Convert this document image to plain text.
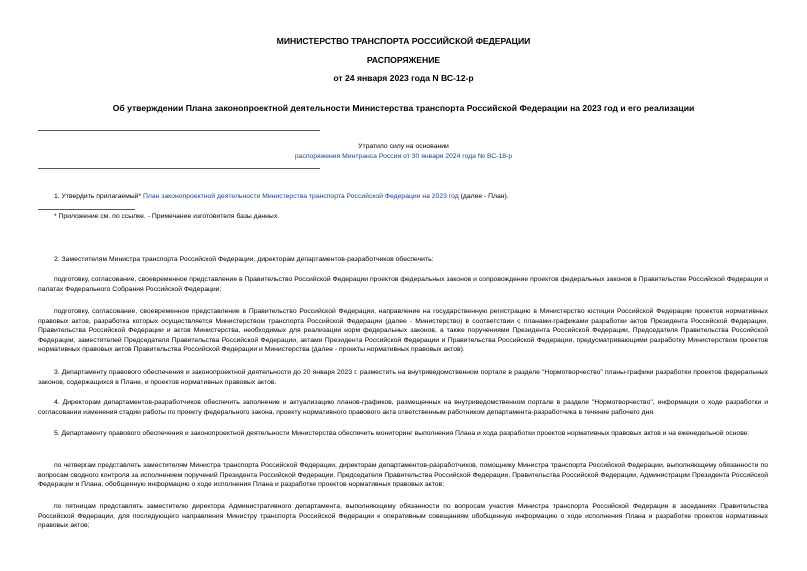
МИНИСТЕРСТВО ТРАНСПОРТА РОССИЙСКОЙ ФЕДЕРАЦИИ
РАСПОРЯЖЕНИЕ
от 24 января 2023 года N ВС-12-р
Об утверждении Плана законопроектной деятельности Министерства транспорта Российской Федерации на 2023 год и его реализации
Утратило силу на основании
распоряжения Минтранса России от 30 января 2024 года № ВС-18-р
1. Утвердить прилагаемый* План законопроектной деятельности Министерства транспорта Российской Федерации на 2023 год (далее - План).
* Приложение см. по ссылке. - Примечание изготовителя базы данных.
2. Заместителям Министра транспорта Российской Федерации, директорам департаментов-разработчиков обеспечить:
подготовку, согласование, своевременное представление в Правительство Российской Федерации проектов федеральных законов и сопровождение проектов федеральных законов в Правительстве Российской Федерации и палатах Федерального Собрания Российской Федерации;
подготовку, согласование, своевременное представление в Правительство Российской Федерации, направление на государственную регистрацию в Министерство юстиции Российской Федерации проектов нормативных правовых актов, разработка которых осуществляется Министерством транспорта Российской Федерации (далее - Министерство) в соответствии с планами-графиками разработки актов Президента Российской Федерации, Правительства Российской Федерации и актов Министерства, необходимых для реализации норм федеральных законов, а также поручениями Президента Российской Федерации, Председателя Правительства Российской Федерации, заместителей Председателя Правительства Российской Федерации, актами Президента Российской Федерации и Правительства Российской Федерации, предусматривающими разработку Министерством проектов нормативных правовых актов Правительства Российской Федерации и Министерства (далее - проекты нормативных правовых актов).
3. Департаменту правового обеспечения и законопроектной деятельности до 20 января 2023 г. разместить на внутриведомственном портале в разделе "Нормотворчество" планы-графики разработки проектов федеральных законов, содержащихся в Плане, и проектов нормативных правовых актов.
4. Директорам департаментов-разработчиков обеспечить заполнение и актуализацию планов-графиков, размещенных на внутриведомственном портале в разделе "Нормотворчество", информации о ходе разработки и согласовании изменения стадии работы по проекту федерального закона, проекту нормативного правового акта ответственным работником департамента-разработчика в течение рабочего дня.
5. Департаменту правового обеспечения и законопроектной деятельности Министерства обеспечить мониторинг выполнения Плана и хода разработки проектов нормативных правовых актов и на еженедельной основе:
по четвергам представлять заместителям Министра транспорта Российской Федерации, директорам департаментов-разработчиков, помощнику Министра транспорта Российской Федерации, выполняющему обязанности по вопросам сводного контроля за исполнением поручений Президента Российской Федерации, Председателя Правительства Российской Федерации, Правительства Российской Федерации, Администрации Президента Российской Федерации и Плана, обобщенную информацию о ходе исполнения Плана и разработке проектов нормативных правовых актов;
по пятницам представлять заместителю директора Административного департамента, выполняющему обязанности по вопросам участия Министра транспорта Российской Федерации в заседаниях Правительства Российской Федерации, для последующего направления Министру транспорта Российской Федерации к оперативным совещаниям обобщенную информацию о ходе исполнения Плана и разработке проектов нормативных правовых актов;
